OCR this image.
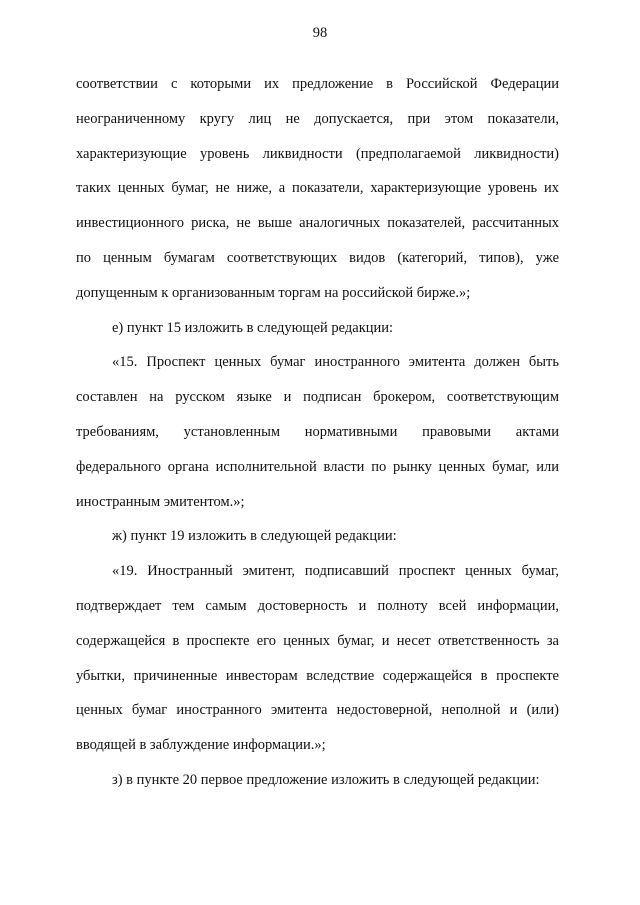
98
соответствии с которыми их предложение в Российской Федерации
неограниченному кругу лиц не допускается, при этом показатели,
характеризующие уровень ликвидности (предполагаемой ликвидности)
таких ценных бумаг, не ниже, а показатели, характеризующие уровень их
инвестиционного риска, не выше аналогичных показателей, рассчитанных
по ценным бумагам соответствующих видов (категорий, типов), уже
допущенным к организованным торгам на российской бирже.»;
е) пункт 15 изложить в следующей редакции:
«15. Проспект ценных бумаг иностранного эмитента должен быть
составлен на русском языке и подписан брокером, соответствующим
требованиям, установленным нормативными правовыми актами
федерального органа исполнительной власти по рынку ценных бумаг, или
иностранным эмитентом.»;
ж) пункт 19 изложить в следующей редакции:
«19. Иностранный эмитент, подписавший проспект ценных бумаг,
подтверждает тем самым достоверность и полноту всей информации,
содержащейся в проспекте его ценных бумаг, и несет ответственность за
убытки, причиненные инвесторам вследствие содержащейся в проспекте
ценных бумаг иностранного эмитента недостоверной, неполной и (или)
вводящей в заблуждение информации.»;
з) в пункте 20 первое предложение изложить в следующей редакции:
